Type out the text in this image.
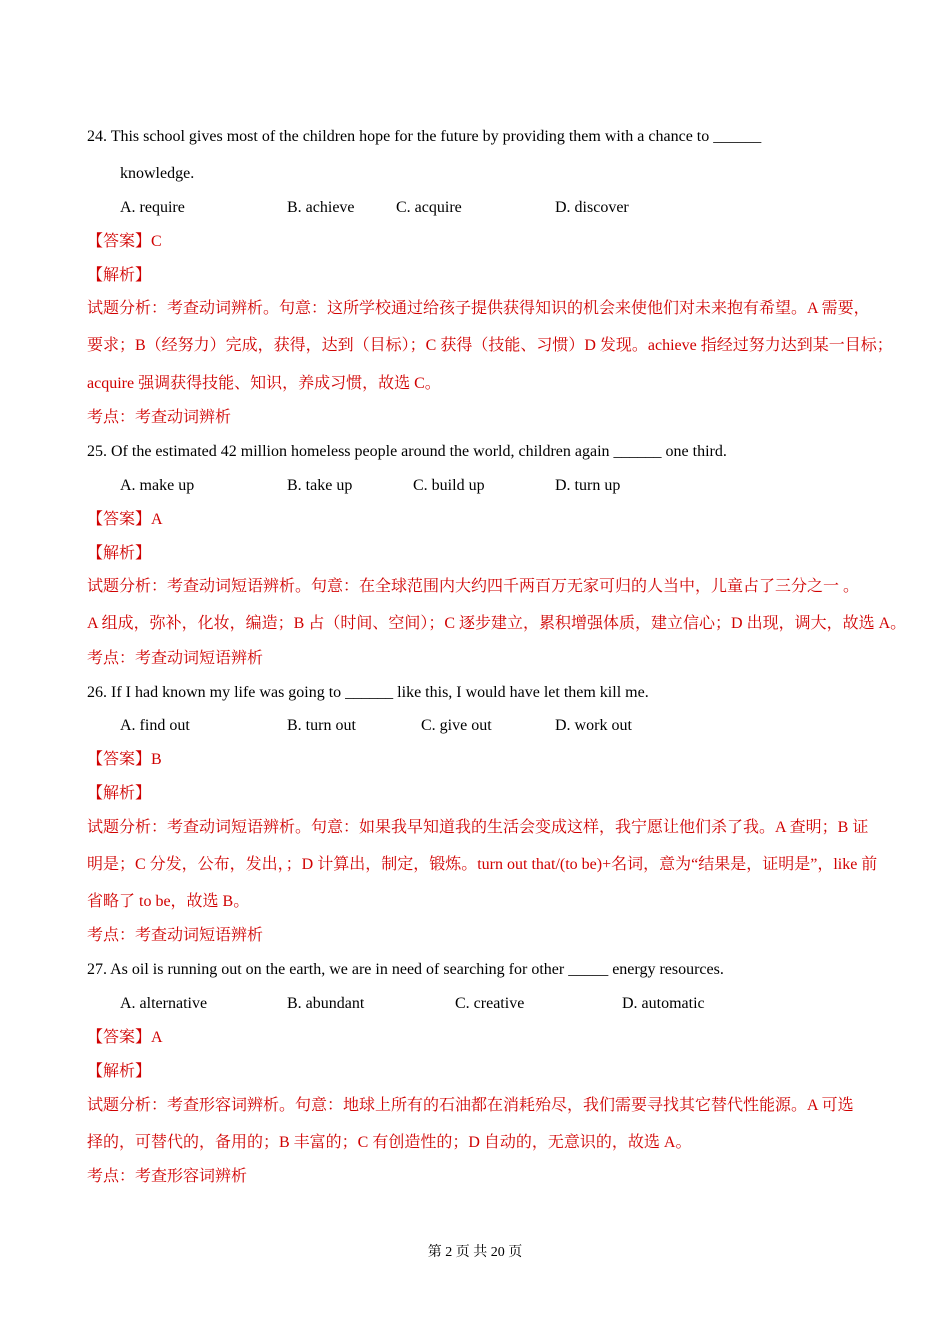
24. This school gives most of the children hope for the future by providing them with a chance to ______
knowledge.
A. require	B. achieve	C. acquire	D. discover
【答案】C
【解析】
试题分析：考查动词辨析。句意：这所学校通过给孩子提供获得知识的机会来使他们对未来抱有希望。A 需要，
要求；B（经努力）完成，获得，达到（目标）；C 获得（技能、习惯）D 发现。achieve 指经过努力达到某一目标；
acquire 强调获得技能、知识，养成习惯，故选 C。
考点：考查动词辨析
25. Of the estimated 42 million homeless people around the world, children again ______ one third.
A. make up	B. take up	C. build up	D. turn up
【答案】A
【解析】
试题分析：考查动词短语辨析。句意：在全球范围内大约四千两百万无家可归的人当中，儿童占了三分之一 。
A 组成，弥补，化妆，编造；B 占（时间、空间）；C 逐步建立，累积增强体质，建立信心；D 出现，调大，故选 A。
考点：考查动词短语辨析
26. If I had known my life was going to ______ like this, I would have let them kill me.
A. find out	B. turn out	C. give out	D. work out
【答案】B
【解析】
试题分析：考查动词短语辨析。句意：如果我早知道我的生活会变成这样，我宁愿让他们杀了我。A 查明；B 证
明是；C 分发，公布，发出，；D 计算出，制定，锻炼。turn out that/(to be)+名词，意为“结果是，证明是”，like 前
省略了 to be，故选 B。
考点：考查动词短语辨析
27. As oil is running out on the earth, we are in need of searching for other _____ energy resources.
A. alternative	B. abundant	C. creative	D. automatic
【答案】A
【解析】
试题分析：考查形容词辨析。句意：地球上所有的石油都在消耗殆尽，我们需要寻找其它替代性能源。A 可选
择的，可替代的，备用的；B 丰富的；C 有创造性的；D 自动的，无意识的，故选 A。
考点：考查形容词辨析
第 2 页 共 20 页
